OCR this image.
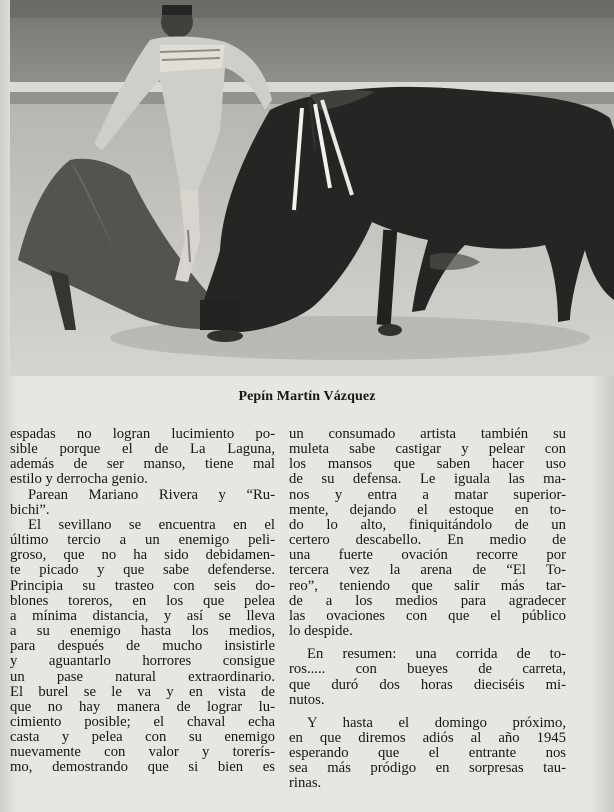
Pepín Martín Vázquez
espadas no logran lucimiento po-
sible porque el de La Laguna,
además de ser manso, tiene mal
estilo y derrocha genio.
Parean Mariano Rivera y “Ru-
bichi”.
El sevillano se encuentra en el
último tercio a un enemigo peli-
groso, que no ha sido debidamen-
te picado y que sabe defenderse.
Principia su trasteo con seis do-
blones toreros, en los que pelea
a mínima distancia, y así se lleva
a su enemigo hasta los medios,
para después de mucho insistirle
y aguantarlo horrores consigue
un pase natural extraordinario.
El burel se le va y en vista de
que no hay manera de lograr lu-
cimiento posible; el chaval echa
casta y pelea con su enemigo
nuevamente con valor y torerís-
mo, demostrando que si bien es
un consumado artista también su
muleta sabe castigar y pelear con
los mansos que saben hacer uso
de su defensa. Le iguala las ma-
nos y entra a matar superior-
mente, dejando el estoque en to-
do lo alto, finiquitándolo de un
certero descabello. En medio de
una fuerte ovación recorre por
tercera vez la arena de “El To-
reo”, teniendo que salir más tar-
de a los medios para agradecer
las ovaciones con que el público
lo despide.
En resumen: una corrida de to-
ros..... con bueyes de carreta,
que duró dos horas dieciséis mi-
nutos.
Y hasta el domingo próximo,
en que diremos adiós al año 1945
esperando que el entrante nos
sea más pródigo en sorpresas tau-
rinas.
